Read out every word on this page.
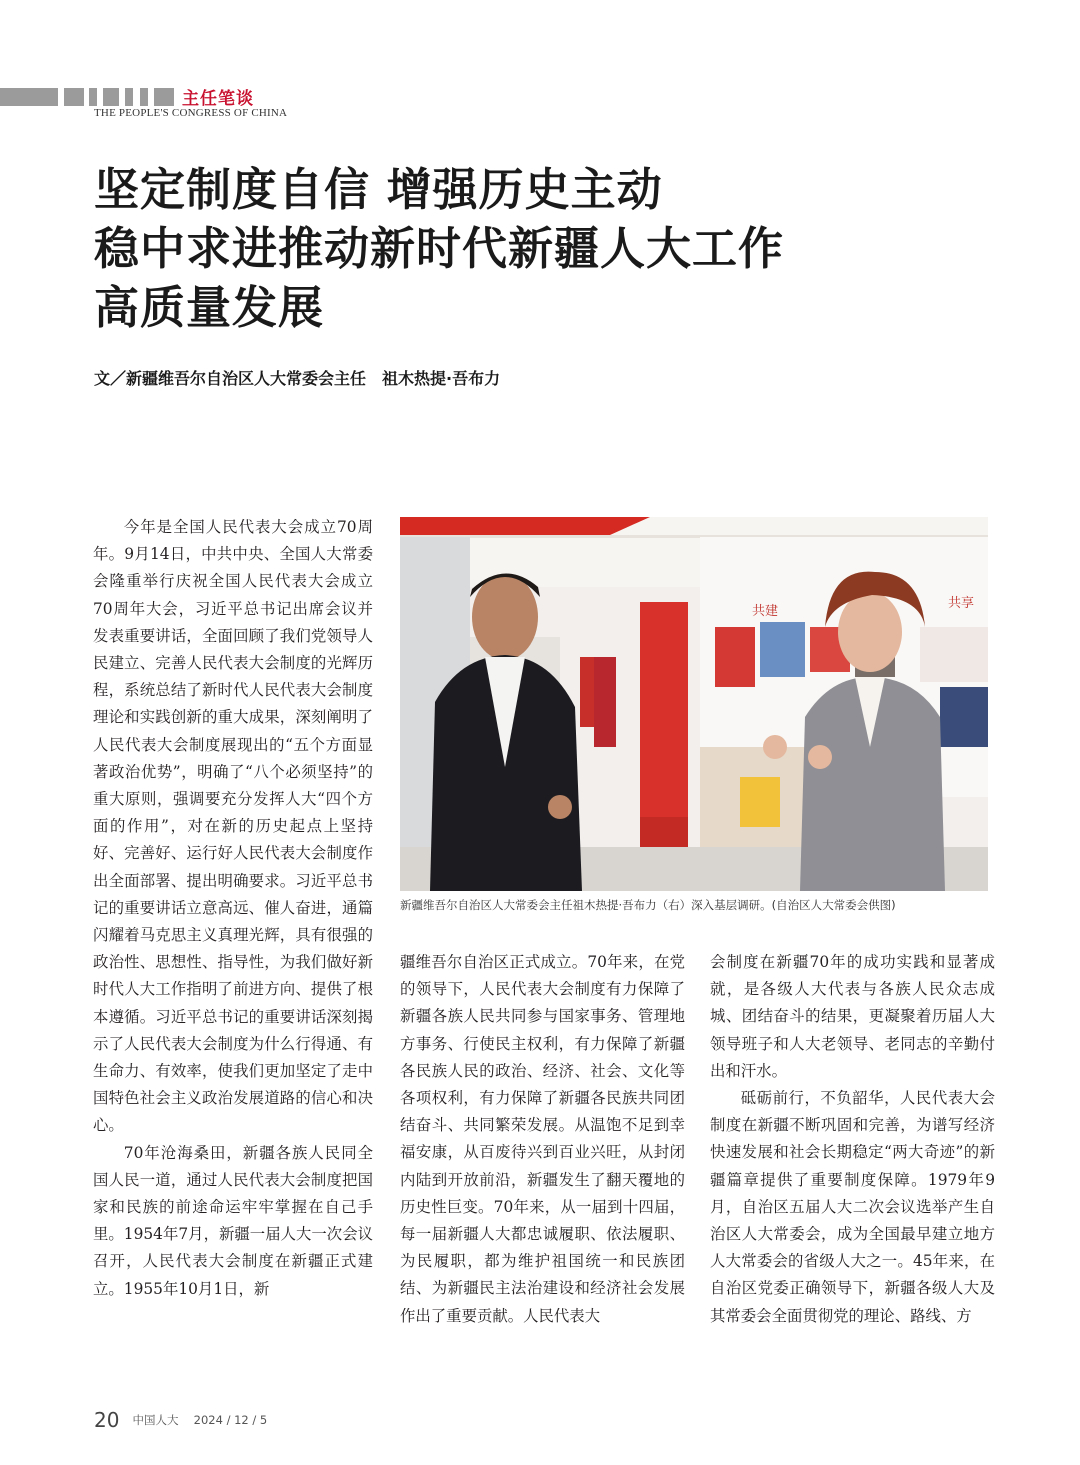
主任笔谈
THE PEOPLE'S CONGRESS OF CHINA
坚定制度自信 增强历史主动
稳中求进推动新时代新疆人大工作
高质量发展
文／新疆维吾尔自治区人大常委会主任　祖木热提·吾布力

今年是全国人民代表大会成立70周年。9月14日，中共中央、全国人大常委会隆重举行庆祝全国人民代表大会成立70周年大会，习近平总书记出席会议并发表重要讲话，全面回顾了我们党领导人民建立、完善人民代表大会制度的光辉历程，系统总结了新时代人民代表大会制度理论和实践创新的重大成果，深刻阐明了人民代表大会制度展现出的“五个方面显著政治优势”，明确了“八个必须坚持”的重大原则，强调要充分发挥人大“四个方面的作用”，对在新的历史起点上坚持好、完善好、运行好人民代表大会制度作出全面部署、提出明确要求。习近平总书记的重要讲话立意高远、催人奋进，通篇闪耀着马克思主义真理光辉，具有很强的政治性、思想性、指导性，为我们做好新时代人大工作指明了前进方向、提供了根本遵循。习近平总书记的重要讲话深刻揭示了人民代表大会制度为什么行得通、有生命力、有效率，使我们更加坚定了走中国特色社会主义政治发展道路的信心和决心。

70年沧海桑田，新疆各族人民同全国人民一道，通过人民代表大会制度把国家和民族的前途命运牢牢掌握在自己手里。1954年7月，新疆一届人大一次会议召开，人民代表大会制度在新疆正式建立。1955年10月1日，新

共建
共享
新疆维吾尔自治区人大常委会主任祖木热提·吾布力（右）深入基层调研。(自治区人大常委会供图)

疆维吾尔自治区正式成立。70年来，在党的领导下，人民代表大会制度有力保障了新疆各族人民共同参与国家事务、管理地方事务、行使民主权利，有力保障了新疆各民族人民的政治、经济、社会、文化等各项权利，有力保障了新疆各民族共同团结奋斗、共同繁荣发展。从温饱不足到幸福安康，从百废待兴到百业兴旺，从封闭内陆到开放前沿，新疆发生了翻天覆地的历史性巨变。70年来，从一届到十四届，每一届新疆人大都忠诚履职、依法履职、为民履职，都为维护祖国统一和民族团结、为新疆民主法治建设和经济社会发展作出了重要贡献。人民代表大

会制度在新疆70年的成功实践和显著成就，是各级人大代表与各族人民众志成城、团结奋斗的结果，更凝聚着历届人大领导班子和人大老领导、老同志的辛勤付出和汗水。

砥砺前行，不负韶华，人民代表大会制度在新疆不断巩固和完善，为谱写经济快速发展和社会长期稳定“两大奇迹”的新疆篇章提供了重要制度保障。1979年9月，自治区五届人大二次会议选举产生自治区人大常委会，成为全国最早建立地方人大常委会的省级人大之一。45年来，在自治区党委正确领导下，新疆各级人大及其常委会全面贯彻党的理论、路线、方

20 中国人大 2024 / 12 / 5
